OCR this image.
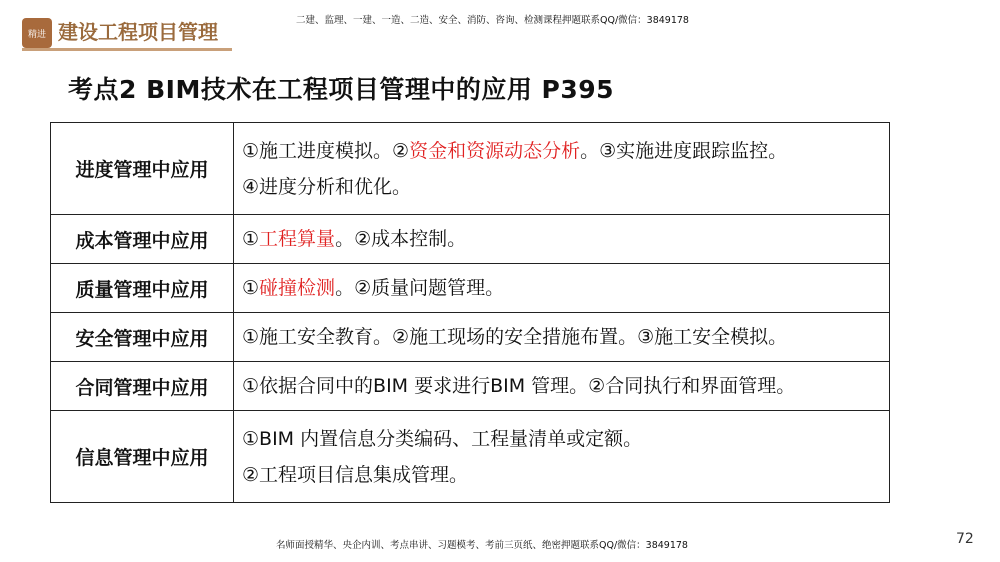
精进 建设工程项目管理	二建、监理、一建、一造、二造、安全、消防、咨询、检测课程押题联系QQ/微信：3849178
考点2 BIM技术在工程项目管理中的应用 P395
进度管理中应用	①施工进度模拟。②资金和资源动态分析。③实施进度跟踪监控。
④进度分析和优化。

成本管理中应用	①工程算量。②成本控制。

质量管理中应用	①碰撞检测。②质量问题管理。

安全管理中应用	①施工安全教育。②施工现场的安全措施布置。③施工安全模拟。

合同管理中应用	①依据合同中的BIM 要求进行BIM 管理。②合同执行和界面管理。

信息管理中应用	①BIM 内置信息分类编码、工程量清单或定额。
②工程项目信息集成管理。
名师面授精华、央企内训、考点串讲、习题模考、考前三页纸、绝密押题联系QQ/微信：3849178	72
